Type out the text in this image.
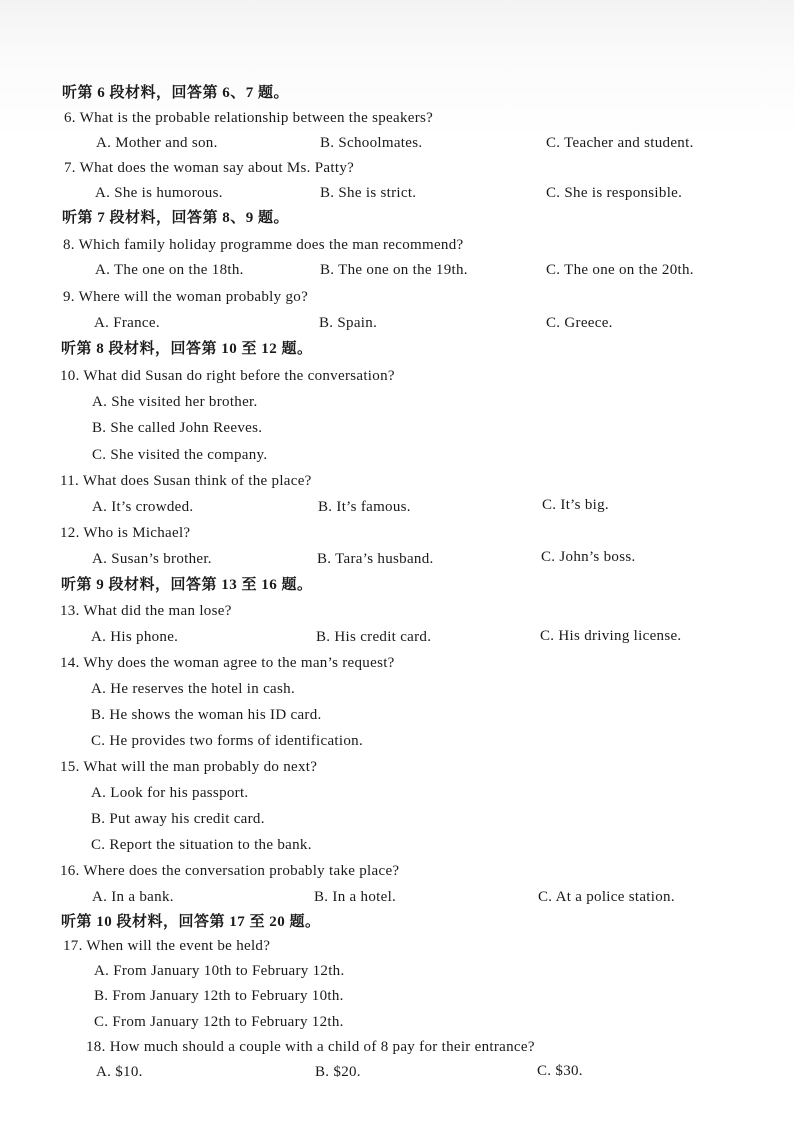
听第 6 段材料，回答第 6、7 题。
6. What is the probable relationship between the speakers?
A. Mother and son.	B. Schoolmates.	C. Teacher and student.
7. What does the woman say about Ms. Patty?
A. She is humorous.	B. She is strict.	C. She is responsible.
听第 7 段材料，回答第 8、9 题。
8. Which family holiday programme does the man recommend?
A. The one on the 18th.	B. The one on the 19th.	C. The one on the 20th.
9. Where will the woman probably go?
A. France.	B. Spain.	C. Greece.
听第 8 段材料，回答第 10 至 12 题。
10. What did Susan do right before the conversation?
A. She visited her brother.
B. She called John Reeves.
C. She visited the company.
11. What does Susan think of the place?
A. It’s crowded.	B. It’s famous.	C. It’s big.
12. Who is Michael?
A. Susan’s brother.	B. Tara’s husband.	C. John’s boss.
听第 9 段材料，回答第 13 至 16 题。
13. What did the man lose?
A. His phone.	B. His credit card.	C. His driving license.
14. Why does the woman agree to the man’s request?
A. He reserves the hotel in cash.
B. He shows the woman his ID card.
C. He provides two forms of identification.
15. What will the man probably do next?
A. Look for his passport.
B. Put away his credit card.
C. Report the situation to the bank.
16. Where does the conversation probably take place?
A. In a bank.	B. In a hotel.	C. At a police station.
听第 10 段材料，回答第 17 至 20 题。
17. When will the event be held?
A. From January 10th to February 12th.
B. From January 12th to February 10th.
C. From January 12th to February 12th.
18. How much should a couple with a child of 8 pay for their entrance?
A. $10.	B. $20.	C. $30.
